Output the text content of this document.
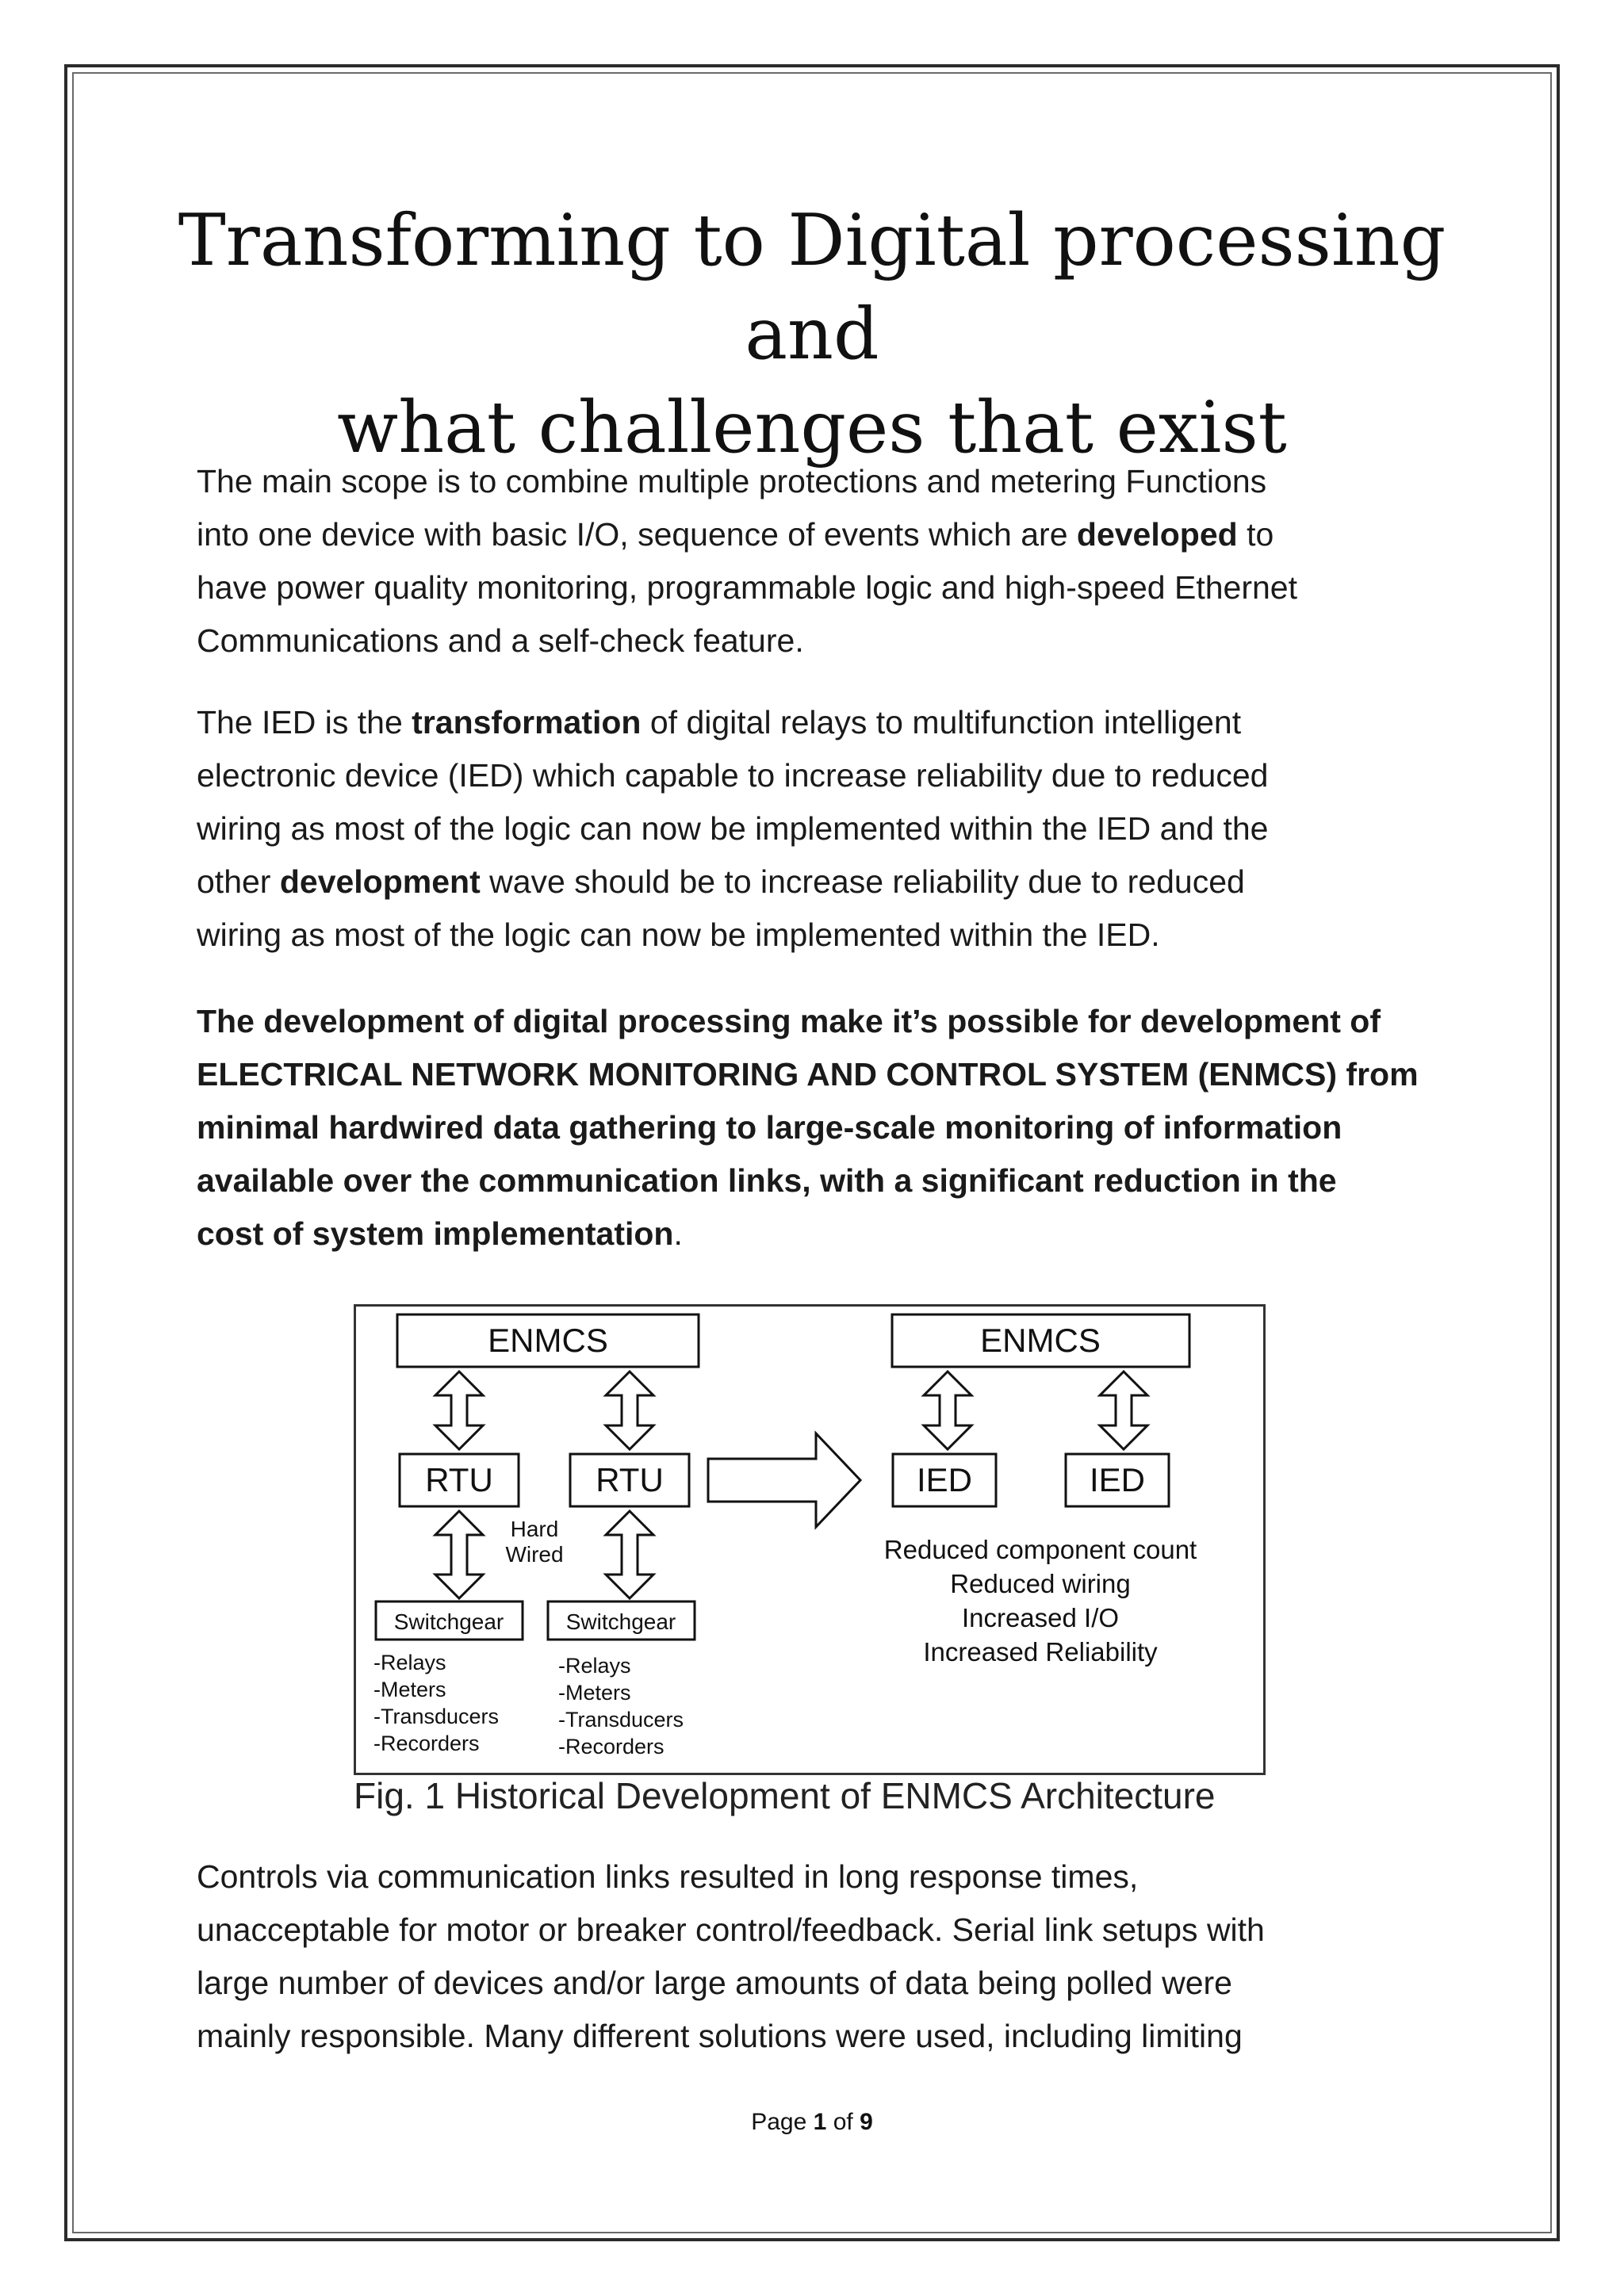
Transforming to Digital processing and
what challenges that exist

The main scope is to combine multiple protections and metering Functions
into one device with basic I/O, sequence of events which are developed to
have power quality monitoring, programmable logic and high-speed Ethernet
Communications and a self-check feature.

The IED is the transformation of digital relays to multifunction intelligent
electronic device (IED) which capable to increase reliability due to reduced
wiring as most of the logic can now be implemented within the IED and the
other development wave should be to increase reliability due to reduced
wiring as most of the logic can now be implemented within the IED.

The development of digital processing make it’s possible for development of
ELECTRICAL NETWORK MONITORING AND CONTROL SYSTEM (ENMCS) from
minimal hardwired data gathering to large-scale monitoring of information
available over the communication links, with a significant reduction in the
cost of system implementation.

ENMCS
RTU	RTU
Hard
Wired
Switchgear	Switchgear
-Relays
-Meters
-Transducers
-Recorders
-Relays
-Meters
-Transducers
-Recorders
ENMCS
IED	IED
Reduced component count
Reduced wiring
Increased I/O
Increased Reliability
Fig. 1 Historical Development of ENMCS Architecture

Controls via communication links resulted in long response times,
unacceptable for motor or breaker control/feedback. Serial link setups with
large number of devices and/or large amounts of data being polled were
mainly responsible. Many different solutions were used, including limiting

Page 1 of 9
